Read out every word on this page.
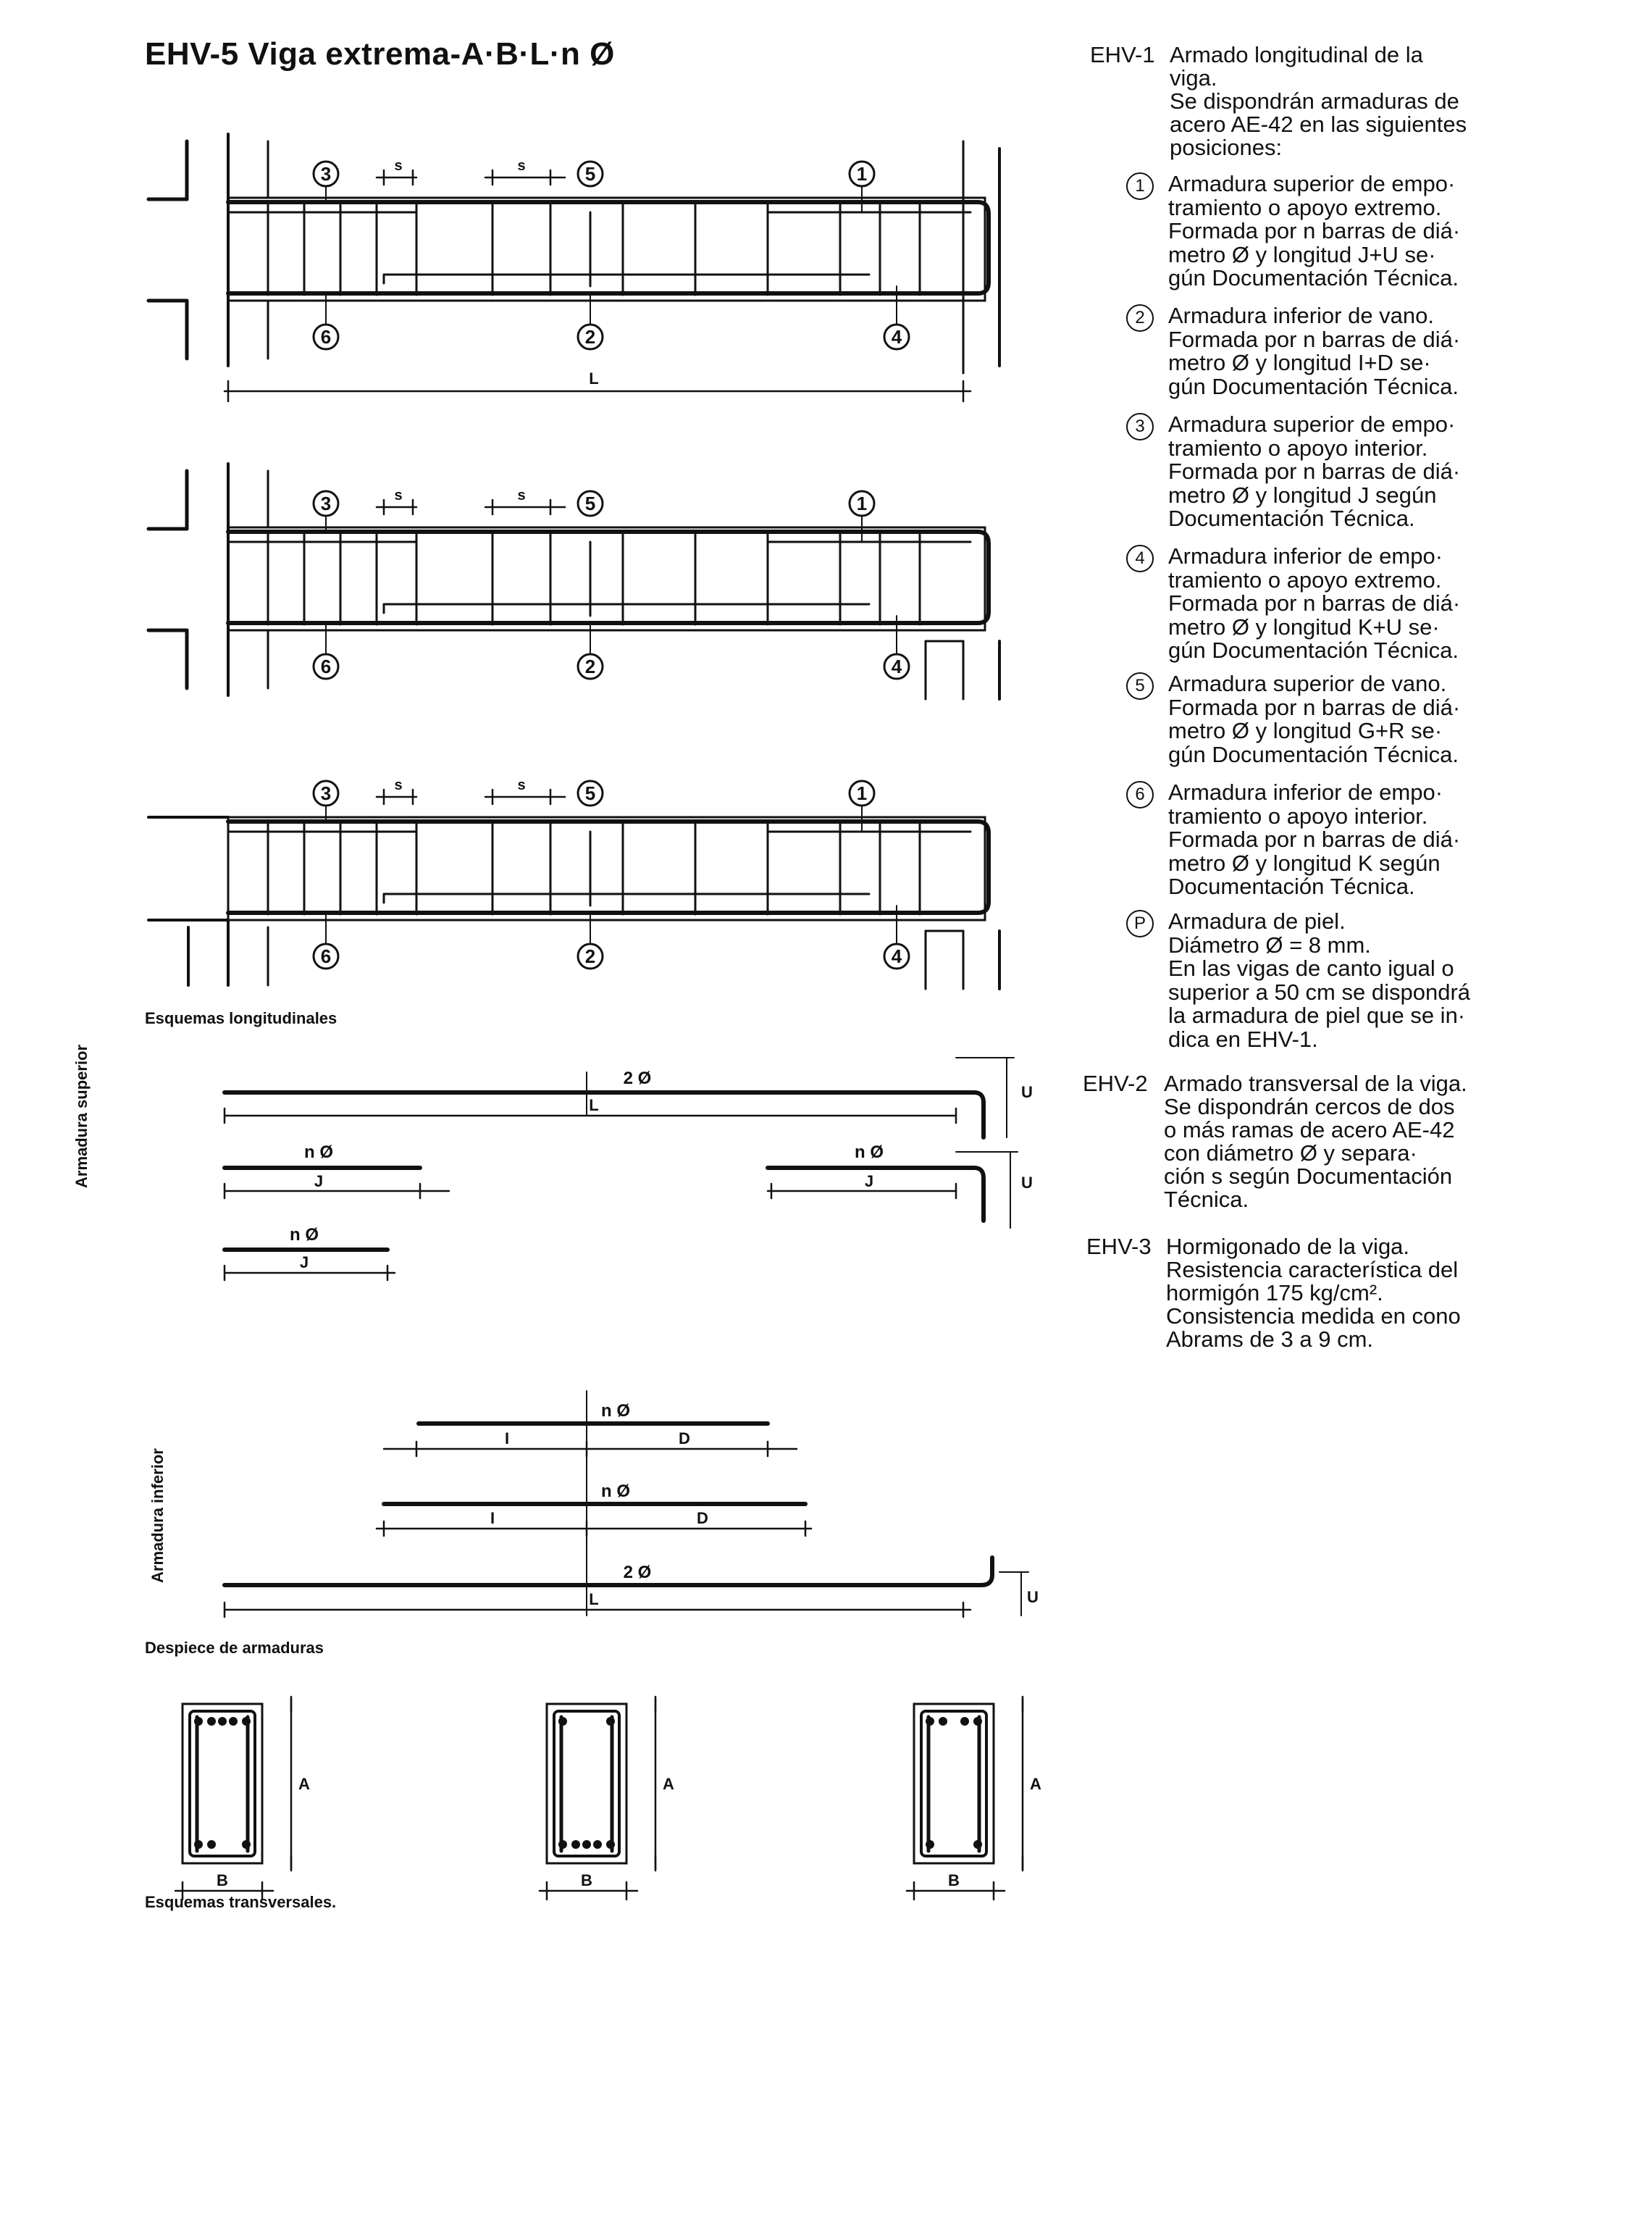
EHV-5 Viga extrema-A·B·L·n Ø
3	5	1
6	2	4
s	s
L
3	5	1
6	2	4
s	s
3	5	1
6	2	4
s	s
2 Ø
L
U
n Ø
J
n Ø
J	U
n Ø
J
n Ø
I	D
n Ø
I	D
2 Ø
L	U
A
B
A
B
A
B
Esquemas longitudinales
Despiece de armaduras
Esquemas transversales.
Armadura superior
Armadura inferior
EHV-1 Armado longitudinal de la
viga.
Se dispondrán armaduras de
acero AE-42 en las siguientes
posiciones:
1	Armadura superior de empo·
tramiento o apoyo extremo.
Formada por n barras de diá·
metro Ø y longitud J+U se·
gún Documentación Técnica.
2	Armadura inferior de vano.
Formada por n barras de diá·
metro Ø y longitud I+D se·
gún Documentación Técnica.
3	Armadura superior de empo·
tramiento o apoyo interior.
Formada por n barras de diá·
metro Ø y longitud J según
Documentación Técnica.
4	Armadura inferior de empo·
tramiento o apoyo extremo.
Formada por n barras de diá·
metro Ø y longitud K+U se·
gún Documentación Técnica.
5	Armadura superior de vano.
Formada por n barras de diá·
metro Ø y longitud G+R se·
gún Documentación Técnica.
6	Armadura inferior de empo·
tramiento o apoyo interior.
Formada por n barras de diá·
metro Ø y longitud K según
Documentación Técnica.
P	Armadura de piel.
Diámetro Ø = 8 mm.
En las vigas de canto igual o
superior a 50 cm se dispondrá
la armadura de piel que se in·
dica en EHV-1.
EHV-2 Armado transversal de la viga.
Se dispondrán cercos de dos
o más ramas de acero AE-42
con diámetro Ø y separa·
ción s según Documentación
Técnica.
EHV-3 Hormigonado de la viga.
Resistencia característica del
hormigón 175 kg/cm².
Consistencia medida en cono
Abrams de 3 a 9 cm.
